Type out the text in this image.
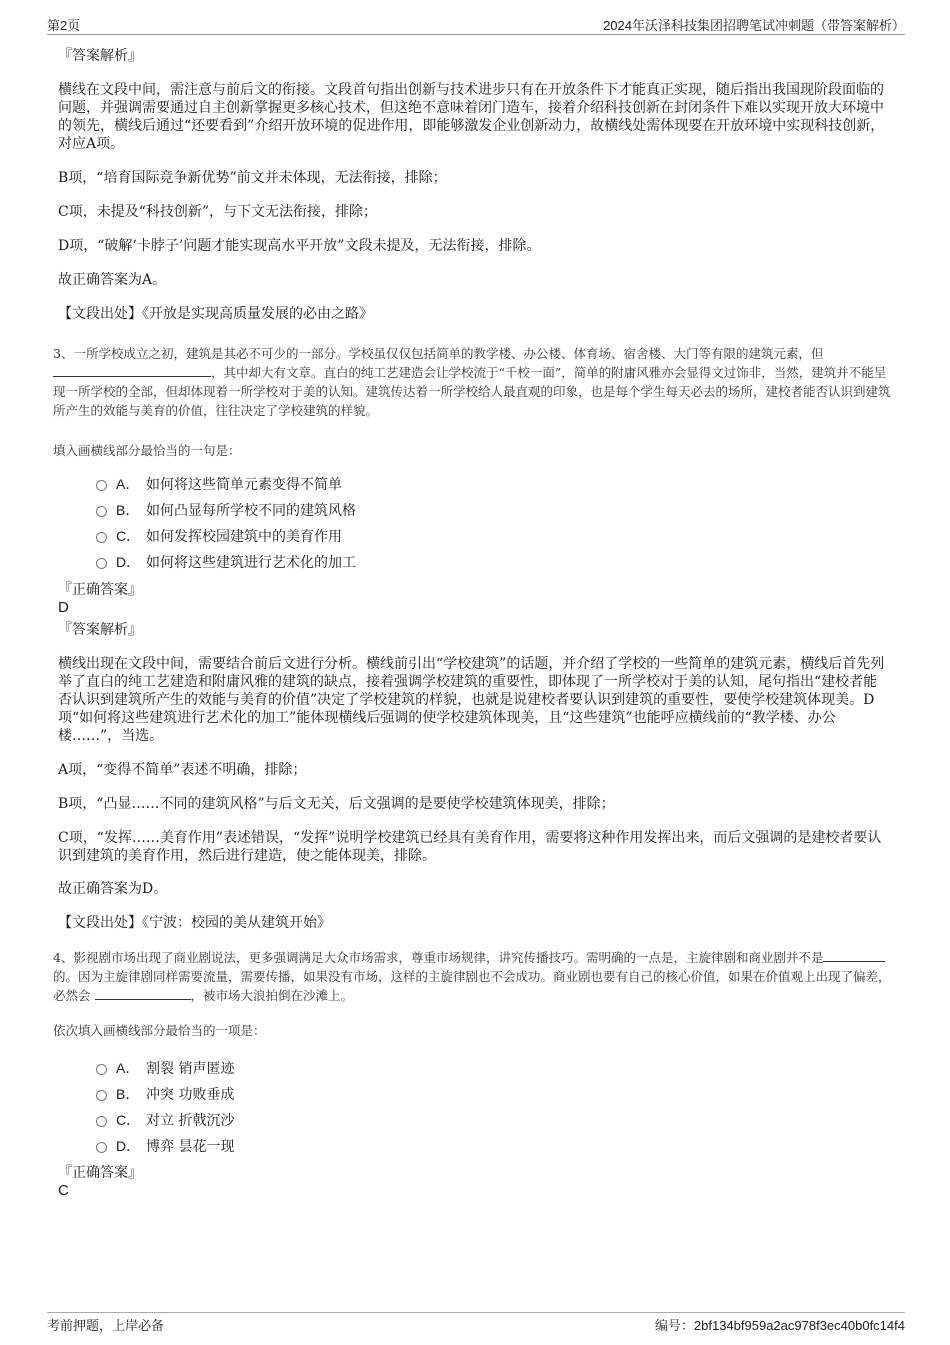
第2页	2024年沃泽科技集团招聘笔试冲刺题（带答案解析）
『答案解析』
横线在文段中间，需注意与前后文的衔接。文段首句指出创新与技术进步只有在开放条件下才能真正实现，随后指出我国现阶段面临的问题，并强调需要通过自主创新掌握更多核心技术，但这绝不意味着闭门造车，接着介绍科技创新在封闭条件下难以实现开放大环境中的领先，横线后通过“还要看到”介绍开放环境的促进作用，即能够激发企业创新动力，故横线处需体现要在开放环境中实现科技创新，对应A项。
B项，“培育国际竞争新优势”前文并未体现，无法衔接，排除；
C项，未提及“科技创新”，与下文无法衔接，排除；
D项，“破解‘卡脖子’问题才能实现高水平开放”文段未提及，无法衔接，排除。
故正确答案为A。
【文段出处】《开放是实现高质量发展的必由之路》
3、一所学校成立之初，建筑是其必不可少的一部分。学校虽仅仅包括简单的教学楼、办公楼、体育场、宿舍楼、大门等有限的建筑元素，但，其中却大有文章。直白的纯工艺建造会让学校流于“千校一面”，简单的附庸风雅亦会显得文过饰非，当然，建筑并不能呈现一所学校的全部，但却体现着一所学校对于美的认知。建筑传达着一所学校给人最直观的印象，也是每个学生每天必去的场所，建校者能否认识到建筑所产生的效能与美育的价值，往往决定了学校建筑的样貌。
填入画横线部分最恰当的一句是：
A． 如何将这些简单元素变得不简单
B． 如何凸显每所学校不同的建筑风格
C． 如何发挥校园建筑中的美育作用
D． 如何将这些建筑进行艺术化的加工
『正确答案』
D
『答案解析』
横线出现在文段中间，需要结合前后文进行分析。横线前引出“学校建筑”的话题，并介绍了学校的一些简单的建筑元素，横线后首先列举了直白的纯工艺建造和附庸风雅的建筑的缺点，接着强调学校建筑的重要性，即体现了一所学校对于美的认知，尾句指出“建校者能否认识到建筑所产生的效能与美育的价值”决定了学校建筑的样貌，也就是说建校者要认识到建筑的重要性，要使学校建筑体现美。D项“如何将这些建筑进行艺术化的加工”能体现横线后强调的使学校建筑体现美，且“这些建筑”也能呼应横线前的“教学楼、办公楼……”，当选。
A项，“变得不简单”表述不明确，排除；
B项，“凸显……不同的建筑风格”与后文无关，后文强调的是要使学校建筑体现美，排除；
C项，“发挥……美育作用”表述错误，“发挥”说明学校建筑已经具有美育作用，需要将这种作用发挥出来，而后文强调的是建校者要认识到建筑的美育作用，然后进行建造，使之能体现美，排除。
故正确答案为D。
【文段出处】《宁波：校园的美从建筑开始》
4、影视剧市场出现了商业剧说法，更多强调满足大众市场需求，尊重市场规律，讲究传播技巧。需明确的一点是，主旋律剧和商业剧并不是的。因为主旋律剧同样需要流量，需要传播，如果没有市场，这样的主旋律剧也不会成功。商业剧也要有自己的核心价值，如果在价值观上出现了偏差，必然会	，被市场大浪拍倒在沙滩上。
依次填入画横线部分最恰当的一项是：
A． 割裂 销声匿迹
B． 冲突 功败垂成
C． 对立 折戟沉沙
D． 博弈 昙花一现
『正确答案』
C
考前押题，上岸必备	编号：2bf134bf959a2ac978f3ec40b0fc14f4
